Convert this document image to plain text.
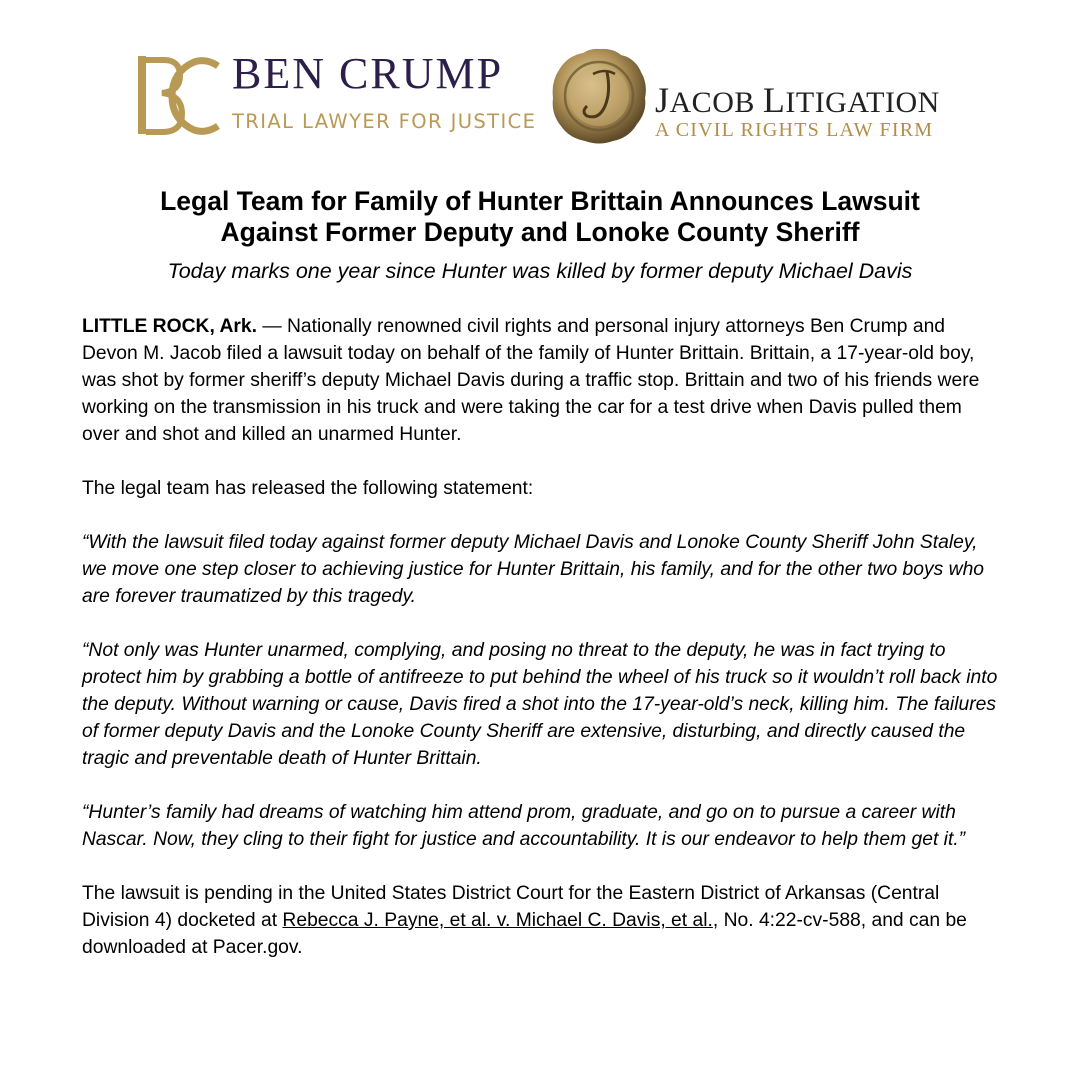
BEN CRUMP
TRIAL LAWYER FOR JUSTICE
JACOB LITIGATION
A CIVIL RIGHTS LAW FIRM
Legal Team for Family of Hunter Brittain Announces Lawsuit
Against Former Deputy and Lonoke County Sheriff

Today marks one year since Hunter was killed by former deputy Michael Davis

LITTLE ROCK, Ark. — Nationally renowned civil rights and personal injury attorneys Ben Crump and Devon M. Jacob filed a lawsuit today on behalf of the family of Hunter Brittain. Brittain, a 17-year-old boy, was shot by former sheriff’s deputy Michael Davis during a traffic stop. Brittain and two of his friends were working on the transmission in his truck and were taking the car for a test drive when Davis pulled them over and shot and killed an unarmed Hunter.

The legal team has released the following statement:

“With the lawsuit filed today against former deputy Michael Davis and Lonoke County Sheriff John Staley, we move one step closer to achieving justice for Hunter Brittain, his family, and for the other two boys who are forever traumatized by this tragedy.

“Not only was Hunter unarmed, complying, and posing no threat to the deputy, he was in fact trying to protect him by grabbing a bottle of antifreeze to put behind the wheel of his truck so it wouldn’t roll back into the deputy. Without warning or cause, Davis fired a shot into the 17-year-old’s neck, killing him. The failures of former deputy Davis and the Lonoke County Sheriff are extensive, disturbing, and directly caused the tragic and preventable death of Hunter Brittain.

“Hunter’s family had dreams of watching him attend prom, graduate, and go on to pursue a career with Nascar. Now, they cling to their fight for justice and accountability. It is our endeavor to help them get it.”

The lawsuit is pending in the United States District Court for the Eastern District of Arkansas (Central Division 4) docketed at Rebecca J. Payne, et al. v. Michael C. Davis, et al., No. 4:22-cv-588, and can be downloaded at Pacer.gov.
